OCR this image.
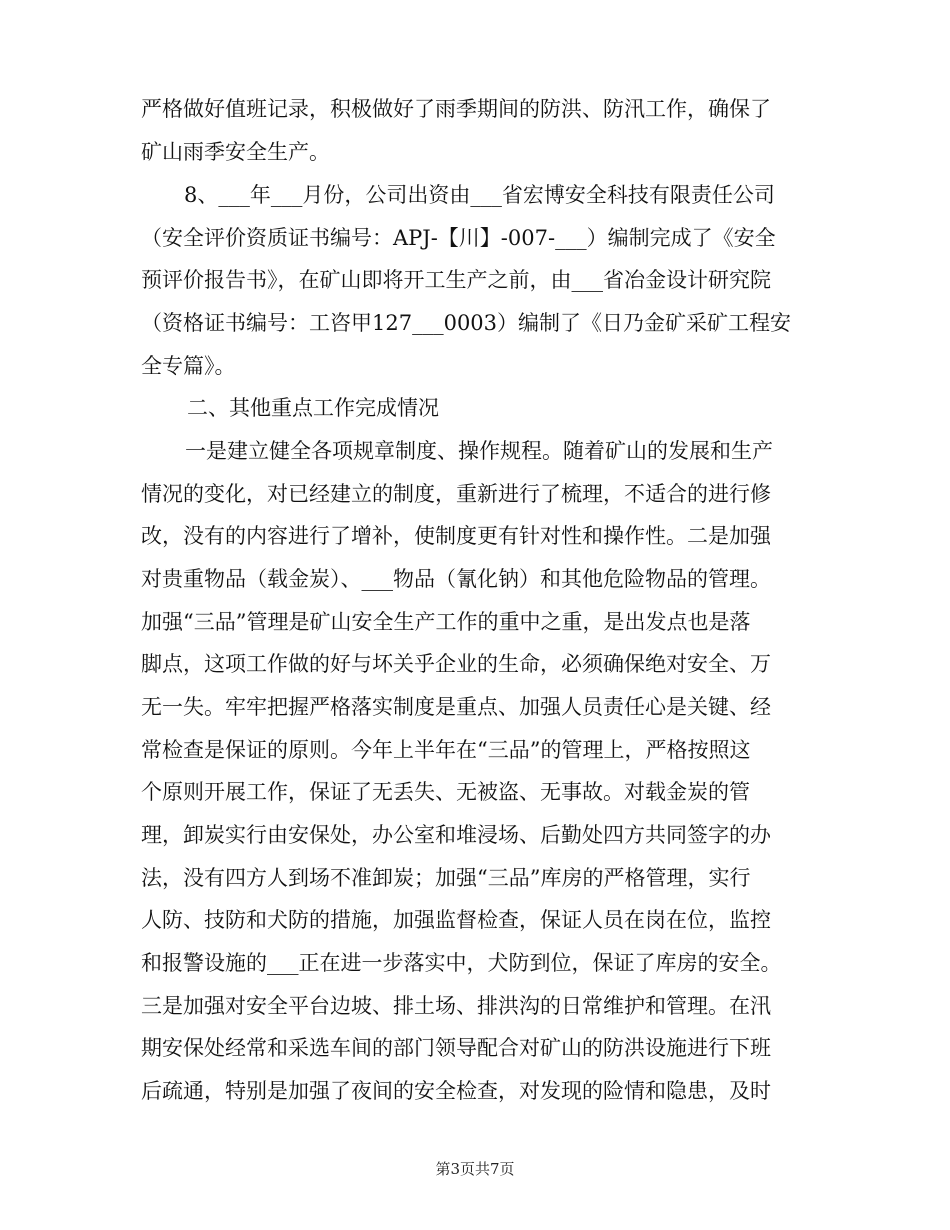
严格做好值班记录，积极做好了雨季期间的防洪、防汛工作，确保了
矿山雨季安全生产。
8、___年___月份，公司出资由___省宏博安全科技有限责任公司
（安全评价资质证书编号：APJ-【川】-007-___）编制完成了《安全
预评价报告书》，在矿山即将开工生产之前，由___省冶金设计研究院
（资格证书编号：工咨甲127___0003）编制了《日乃金矿采矿工程安
全专篇》。
二、其他重点工作完成情况
一是建立健全各项规章制度、操作规程。随着矿山的发展和生产
情况的变化，对已经建立的制度，重新进行了梳理，不适合的进行修
改，没有的内容进行了增补，使制度更有针对性和操作性。二是加强
对贵重物品（载金炭）、___物品（氰化钠）和其他危险物品的管理。
加强“三品”管理是矿山安全生产工作的重中之重，是出发点也是落
脚点，这项工作做的好与坏关乎企业的生命，必须确保绝对安全、万
无一失。牢牢把握严格落实制度是重点、加强人员责任心是关键、经
常检查是保证的原则。今年上半年在“三品”的管理上，严格按照这
个原则开展工作，保证了无丢失、无被盗、无事故。对载金炭的管
理，卸炭实行由安保处，办公室和堆浸场、后勤处四方共同签字的办
法，没有四方人到场不准卸炭；加强“三品”库房的严格管理，实行
人防、技防和犬防的措施，加强监督检查，保证人员在岗在位，监控
和报警设施的___正在进一步落实中，犬防到位，保证了库房的安全。
三是加强对安全平台边坡、排土场、排洪沟的日常维护和管理。在汛
期安保处经常和采选车间的部门领导配合对矿山的防洪设施进行下班
后疏通，特别是加强了夜间的安全检查，对发现的险情和隐患，及时
第3页共7页
